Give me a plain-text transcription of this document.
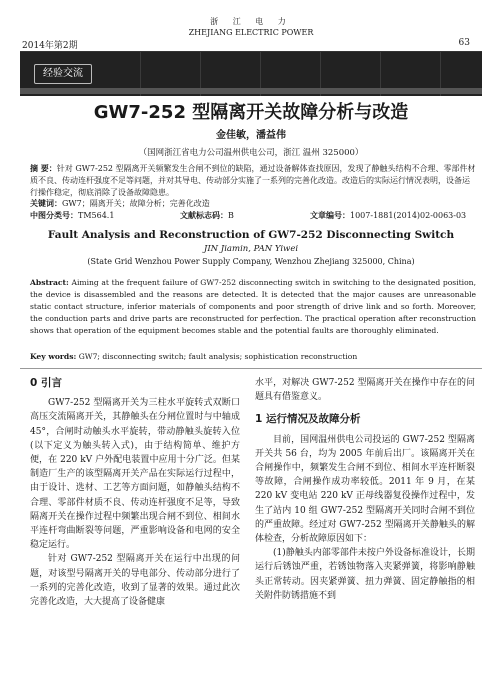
2014年第2期
浙 江 电 力
ZHEJIANG ELECTRIC POWER
63
经验交流
GW7-252 型隔离开关故障分析与改造
金佳敏，潘益伟
（国网浙江省电力公司温州供电公司，浙江 温州 325000）
摘 要：针对 GW7-252 型隔离开关频繁发生合闸不到位的缺陷，通过设备解体查找原因，发现了静触头结构不合理、零部件材质不良、传动连杆强度不足等问题，并对其导电、传动部分实施了一系列的完善化改造。改造后的实际运行情况表明，设备运行操作稳定，彻底消除了设备故障隐患。
关键词：GW7；隔离开关；故障分析；完善化改造
中图分类号：TM564.1	文献标志码：B	文章编号：1007-1881(2014)02-0063-03
Fault Analysis and Reconstruction of GW7-252 Disconnecting Switch
JIN Jiamin, PAN Yiwei
(State Grid Wenzhou Power Supply Company, Wenzhou Zhejiang 325000, China)
Abstract: Aiming at the frequent failure of GW7-252 disconnecting switch in switching to the designated position, the device is disassembled and the reasons are detected. It is detected that the major causes are unreasonable static contact structure, inferior materials of components and poor strength of drive link and so forth. Moreover, the conduction parts and drive parts are reconstructed for perfection. The practical operation after reconstruction shows that operation of the equipment becomes stable and the potential faults are thoroughly eliminated.
Key words: GW7; disconnecting switch; fault analysis; sophistication reconstruction
0 引言

GW7-252 型隔离开关为三柱水平旋转式双断口高压交流隔离开关，其静触头在分闸位置时与中轴成 45°，合闸时动触头水平旋转，带动静触头旋转入位(以下定义为触头转入式)，由于结构简单、维护方便，在 220 kV 户外配电装置中应用十分广泛。但某制造厂生产的该型隔离开关产品在实际运行过程中，由于设计、选材、工艺等方面问题，如静触头结构不合理、零部件材质不良、传动连杆强度不足等，导致隔离开关在操作过程中频繁出现合闸不到位、相间水平连杆弯曲断裂等问题，严重影响设备和电网的安全稳定运行。

针对 GW7-252 型隔离开关在运行中出现的问题，对该型号隔离开关的导电部分、传动部分进行了一系列的完善化改造，收到了显著的效果。通过此次完善化改造，大大提高了设备健康

水平，对解决 GW7-252 型隔离开关在操作中存在的问题具有借鉴意义。

1 运行情况及故障分析

目前，国网温州供电公司投运的 GW7-252 型隔离开关共 56 台，均为 2005 年前后出厂。该隔离开关在合闸操作中，频繁发生合闸不到位、相间水平连杆断裂等故障，合闸操作成功率较低。2011 年 9 月，在某 220 kV 变电站 220 kV 正母线器复役操作过程中，发生了站内 10 组 GW7-252 型隔离开关同时合闸不到位的严重故障。经过对 GW7-252 型隔离开关静触头的解体检查，分析故障原因如下：

(1)静触头内部零部件未按户外设备标准设计，长期运行后锈蚀严重，若锈蚀物落入夹紧弹簧，将影响静触头正常转动。因夹紧弹簧、扭力弹簧、固定静触指的相关附件防锈措施不到
